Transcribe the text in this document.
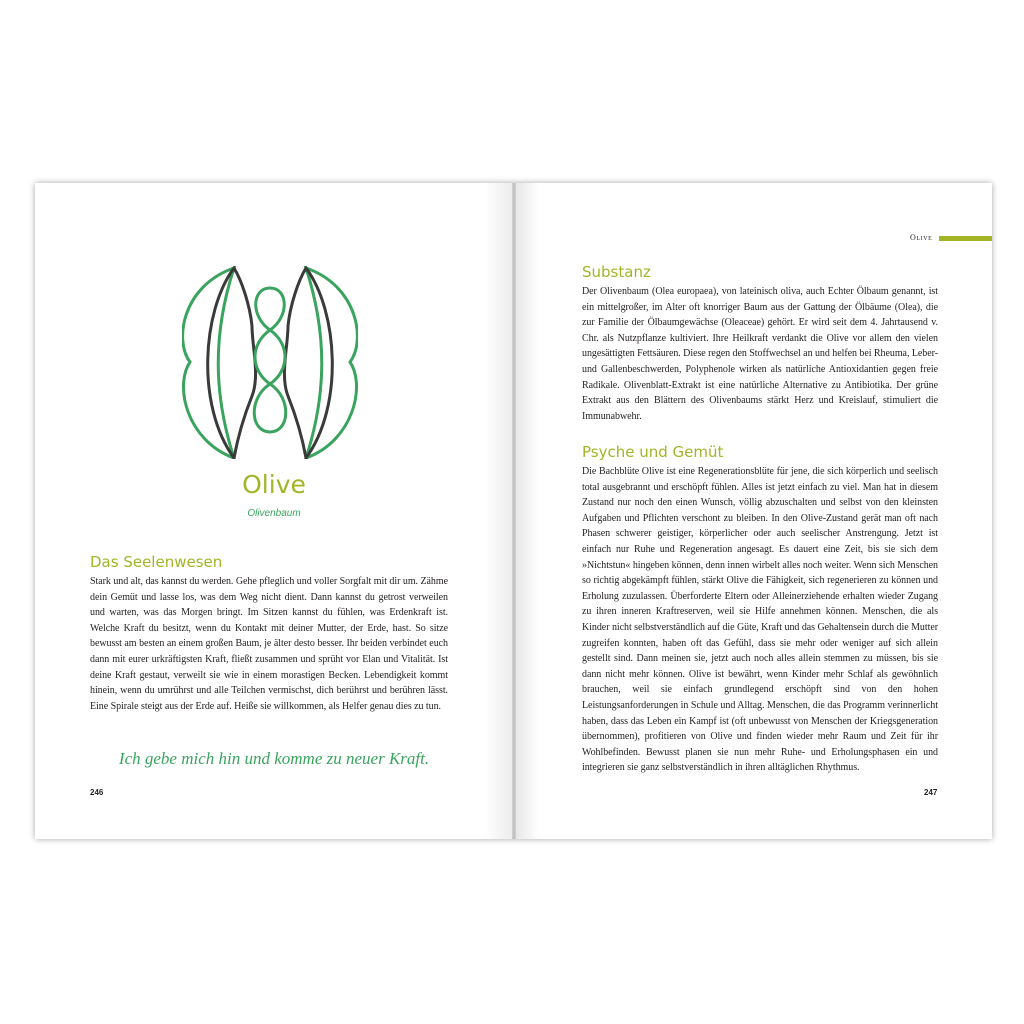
Olive
Olivenbaum
Das Seelenwesen

Stark und alt, das kannst du werden. Gehe pfleglich und voller Sorgfalt mit dir um. Zähme dein Gemüt und lasse los, was dem Weg nicht dient. Dann kannst du getrost verweilen und warten, was das Morgen bringt. Im Sitzen kannst du fühlen, was Erdenkraft ist. Welche Kraft du besitzt, wenn du Kontakt mit deiner Mutter, der Erde, hast. So sitze bewusst am besten an einem großen Baum, je älter desto besser. Ihr beiden verbindet euch dann mit eurer urkräftigsten Kraft, fließt zusammen und sprüht vor Elan und Vitalität. Ist deine Kraft gestaut, verweilt sie wie in einem morastigen Becken. Lebendigkeit kommt hinein, wenn du umrührst und alle Teilchen vermischst, dich berührst und berühren lässt. Eine Spirale steigt aus der Erde auf. Heiße sie willkommen, als Helfer genau dies zu tun.

Ich gebe mich hin und komme zu neuer Kraft.
246
Olive
Substanz

Der Olivenbaum (Olea europaea), von lateinisch oliva, auch Echter Ölbaum genannt, ist ein mittelgroßer, im Alter oft knorriger Baum aus der Gattung der Ölbäume (Olea), die zur Familie der Ölbaumgewächse (Oleaceae) gehört. Er wird seit dem 4. Jahrtausend v. Chr. als Nutzpflanze kultiviert. Ihre Heilkraft verdankt die Olive vor allem den vielen ungesättigten Fettsäuren. Diese regen den Stoffwechsel an und helfen bei Rheuma, Leber- und Gallenbeschwerden, Polyphenole wirken als natürliche Antioxidantien gegen freie Radikale. Olivenblatt-Extrakt ist eine natürliche Alternative zu Antibiotika. Der grüne Extrakt aus den Blättern des Olivenbaums stärkt Herz und Kreislauf, stimuliert die Immunabwehr.

Psyche und Gemüt

Die Bachblüte Olive ist eine Regenerationsblüte für jene, die sich körperlich und seelisch total ausgebrannt und erschöpft fühlen. Alles ist jetzt einfach zu viel. Man hat in diesem Zustand nur noch den einen Wunsch, völlig abzuschalten und selbst von den kleinsten Aufgaben und Pflichten verschont zu bleiben. In den Olive-Zustand gerät man oft nach Phasen schwerer geistiger, körperlicher oder auch seelischer Anstrengung. Jetzt ist einfach nur Ruhe und Regeneration angesagt. Es dauert eine Zeit, bis sie sich dem »Nichtstun« hingeben können, denn innen wirbelt alles noch weiter. Wenn sich Menschen so richtig abgekämpft fühlen, stärkt Olive die Fähigkeit, sich regenerieren zu können und Erholung zuzulassen. Überforderte Eltern oder Alleinerziehende erhalten wieder Zugang zu ihren inneren Kraftreserven, weil sie Hilfe annehmen können. Menschen, die als Kinder nicht selbstverständlich auf die Güte, Kraft und das Gehaltensein durch die Mutter zugreifen konnten, haben oft das Gefühl, dass sie mehr oder weniger auf sich allein gestellt sind. Dann meinen sie, jetzt auch noch alles allein stemmen zu müssen, bis sie dann nicht mehr können. Olive ist bewährt, wenn Kinder mehr Schlaf als gewöhnlich brauchen, weil sie einfach grundlegend erschöpft sind von den hohen Leistungsanforderungen in Schule und Alltag. Menschen, die das Programm verinnerlicht haben, dass das Leben ein Kampf ist (oft unbewusst von Menschen der Kriegsgeneration übernommen), profitieren von Olive und finden wieder mehr Raum und Zeit für ihr Wohlbefinden. Bewusst planen sie nun mehr Ruhe- und Erholungsphasen ein und integrieren sie ganz selbstverständlich in ihren alltäglichen Rhythmus.

247
